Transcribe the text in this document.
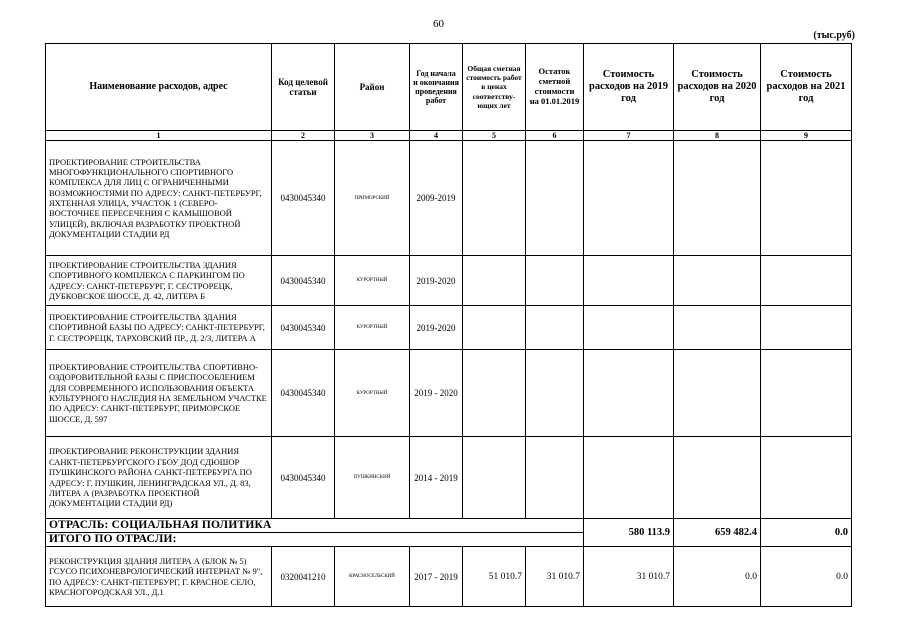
60
(тыс.руб)
Наименование расходов, адрес	Код целевой статьи	Район	Год начала и окончания проведения работ	Общая сметная стоимость работ в ценах соответству-ющих лет	Остаток сметной стоимости на 01.01.2019	Стоимость расходов на 2019 год	Стоимость расходов на 2020 год	Стоимость расходов на 2021 год
1	2	3	4	5	6	7	8	9
ПРОЕКТИРОВАНИЕ СТРОИТЕЛЬСТВА МНОГОФУНКЦИОНАЛЬНОГО СПОРТИВНОГО КОМПЛЕКСА ДЛЯ ЛИЦ С ОГРАНИЧЕННЫМИ ВОЗМОЖНОСТЯМИ ПО АДРЕСУ: САНКТ-ПЕТЕРБУРГ, ЯХТЕННАЯ УЛИЦА, УЧАСТОК 1 (СЕВЕРО-ВОСТОЧНЕЕ ПЕРЕСЕЧЕНИЯ С КАМЫШОВОЙ УЛИЦЕЙ), ВКЛЮЧАЯ РАЗРАБОТКУ ПРОЕКТНОЙ ДОКУМЕНТАЦИИ СТАДИИ РД	0430045340	ПРИМОРСКИЙ	2009-2019					
ПРОЕКТИРОВАНИЕ СТРОИТЕЛЬСТВА ЗДАНИЯ СПОРТИВНОГО КОМПЛЕКСА С ПАРКИНГОМ ПО АДРЕСУ: САНКТ-ПЕТЕРБУРГ, Г. СЕСТРОРЕЦК, ДУБКОВСКОЕ ШОССЕ, Д. 42, ЛИТЕРА Б	0430045340	КУРОРТНЫЙ	2019-2020					
ПРОЕКТИРОВАНИЕ СТРОИТЕЛЬСТВА ЗДАНИЯ СПОРТИВНОЙ БАЗЫ ПО АДРЕСУ: САНКТ-ПЕТЕРБУРГ, Г. СЕСТРОРЕЦК, ТАРХОВСКИЙ ПР., Д. 2/3, ЛИТЕРА А	0430045340	КУРОРТНЫЙ	2019-2020					
ПРОЕКТИРОВАНИЕ СТРОИТЕЛЬСТВА СПОРТИВНО-ОЗДОРОВИТЕЛЬНОЙ БАЗЫ С ПРИСПОСОБЛЕНИЕМ ДЛЯ СОВРЕМЕННОГО ИСПОЛЬЗОВАНИЯ ОБЪЕКТА КУЛЬТУРНОГО НАСЛЕДИЯ НА ЗЕМЕЛЬНОМ УЧАСТКЕ ПО АДРЕСУ: САНКТ-ПЕТЕРБУРГ, ПРИМОРСКОЕ ШОССЕ, Д. 597	0430045340	КУРОРТНЫЙ	2019 - 2020					
ПРОЕКТИРОВАНИЕ РЕКОНСТРУКЦИИ ЗДАНИЯ САНКТ-ПЕТЕРБУРГСКОГО ГБОУ ДОД СДЮШОР ПУШКИНСКОГО РАЙОНА САНКТ-ПЕТЕРБУРГА ПО АДРЕСУ: Г. ПУШКИН, ЛЕНИНГРАДСКАЯ УЛ., Д. 83, ЛИТЕРА А (РАЗРАБОТКА ПРОЕКТНОЙ ДОКУМЕНТАЦИИ СТАДИИ РД)	0430045340	ПУШКИНСКИЙ	2014 - 2019					
ОТРАСЛЬ: СОЦИАЛЬНАЯ ПОЛИТИКА						580 113.9	659 482.4	0.0
ИТОГО ПО ОТРАСЛИ:								
РЕКОНСТРУКЦИЯ ЗДАНИЯ ЛИТЕРА А (БЛОК № 5) ГСУСО ПСИХОНЕВРОЛОГИЧЕСКИЙ ИНТЕРНАТ № 9", ПО АДРЕСУ: САНКТ-ПЕТЕРБУРГ, Г. КРАСНОЕ СЕЛО, КРАСНОГОРОДСКАЯ УЛ., Д.1	0320041210	КРАСНОСЕЛЬСКИЙ	2017 - 2019	51 010.7	31 010.7	31 010.7	0.0	0.0
